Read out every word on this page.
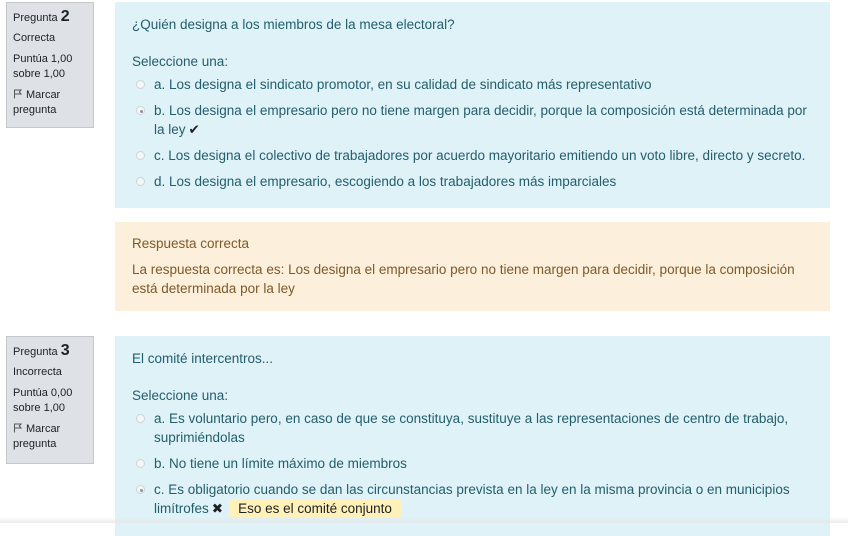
Pregunta 2
Correcta
Puntúa 1,00 sobre 1,00
Marcar pregunta
¿Quién designa a los miembros de la mesa electoral?
Seleccione una:
a. Los designa el sindicato promotor, en su calidad de sindicato más representativo
b. Los designa el empresario pero no tiene margen para decidir, porque la composición está determinada por la ley ✔
c. Los designa el colectivo de trabajadores por acuerdo mayoritario emitiendo un voto libre, directo y secreto.
d. Los designa el empresario, escogiendo a los trabajadores más imparciales
Respuesta correcta
La respuesta correcta es: Los designa el empresario pero no tiene margen para decidir, porque la composición está determinada por la ley
Pregunta 3
Incorrecta
Puntúa 0,00 sobre 1,00
Marcar pregunta
El comité intercentros...
Seleccione una:
a. Es voluntario pero, en caso de que se constituya, sustituye a las representaciones de centro de trabajo, suprimiéndolas
b. No tiene un límite máximo de miembros
c. Es obligatorio cuando se dan las circunstancias prevista en la ley en la misma provincia o en municipios limítrofes ✖ Eso es el comité conjunto
